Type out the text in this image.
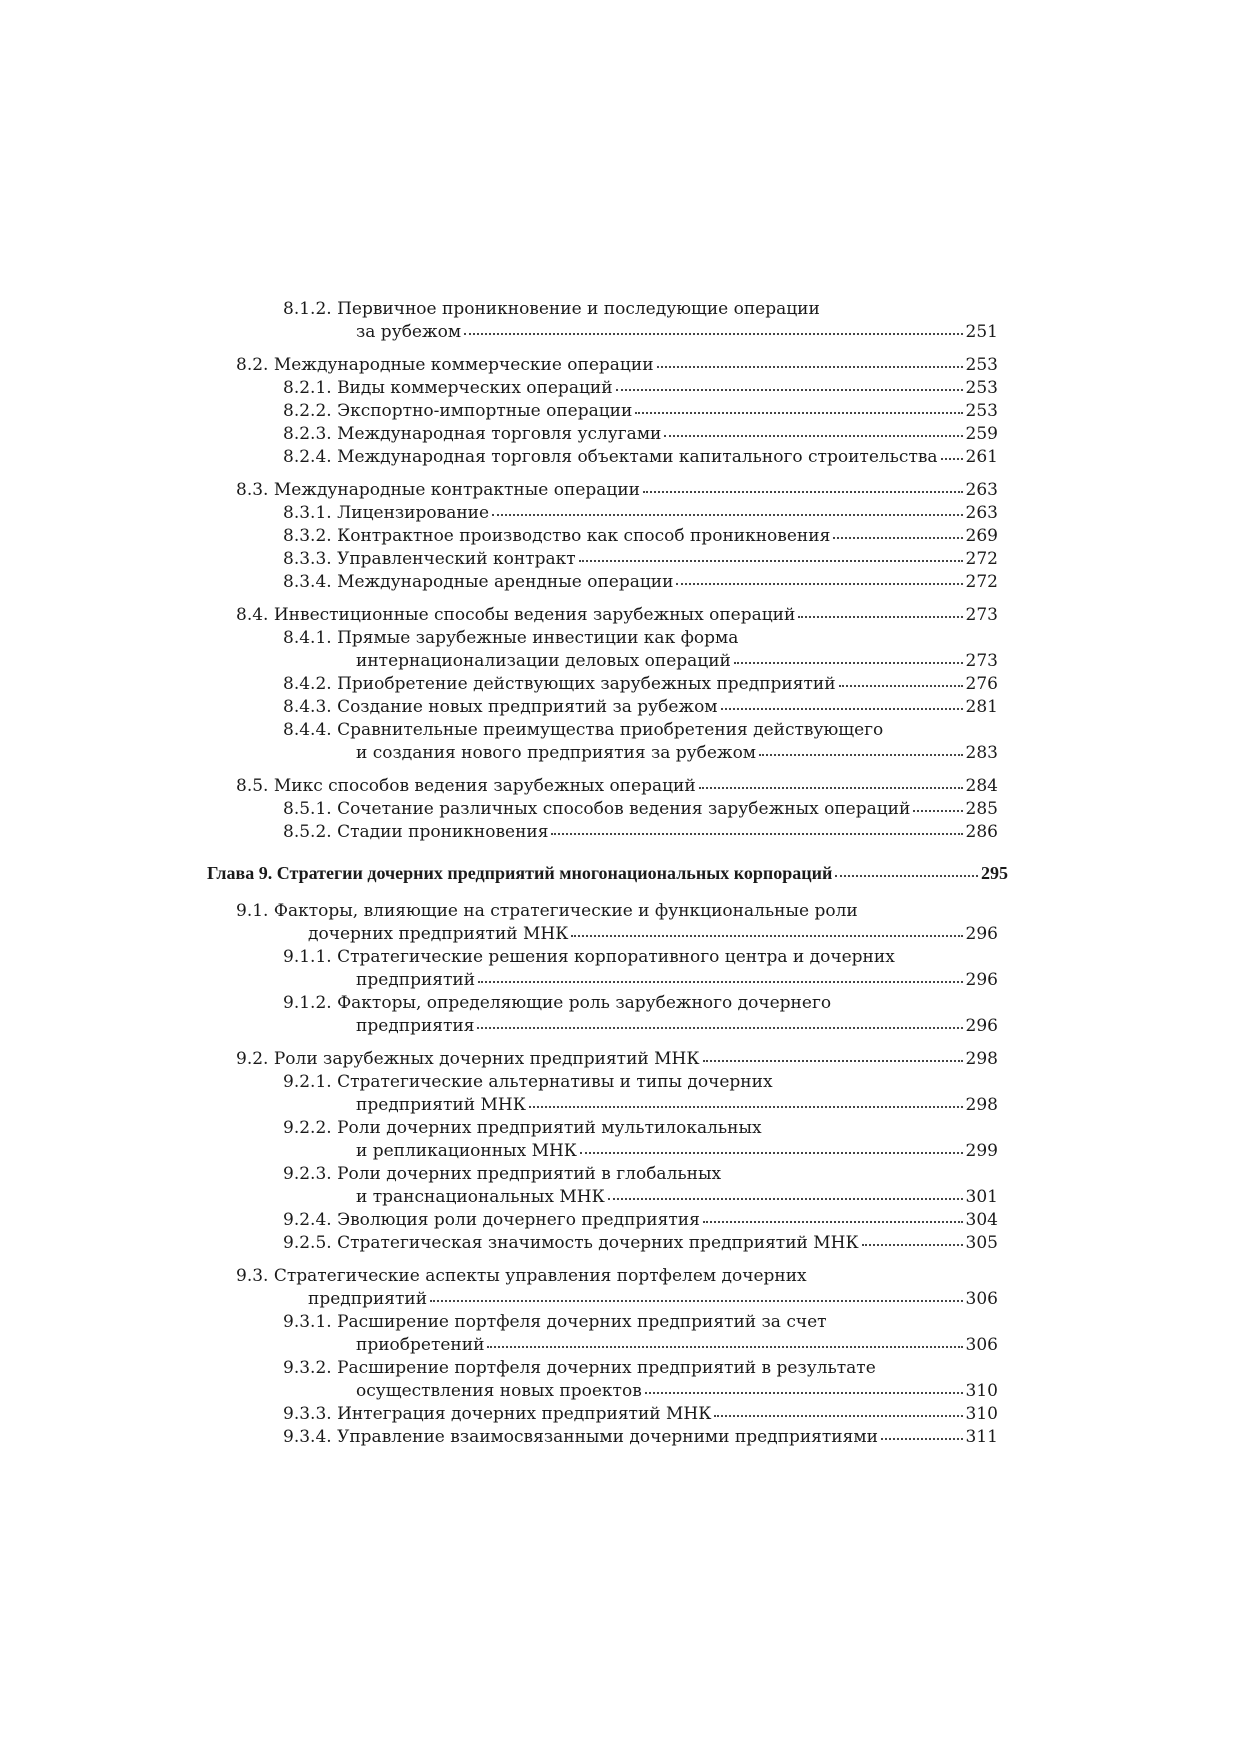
8.1.2. Первичное проникновение и последующие операции
за рубежом	251
8.2. Международные коммерческие операции	253
8.2.1. Виды коммерческих операций	253
8.2.2. Экспортно-импортные операции	253
8.2.3. Международная торговля услугами	259
8.2.4. Международная торговля объектами капитального строительства 261
8.3. Международные контрактные операции	263
8.3.1. Лицензирование	263
8.3.2. Контрактное производство как способ проникновения	269
8.3.3. Управленческий контракт	272
8.3.4. Международные арендные операции	272
8.4. Инвестиционные способы ведения зарубежных операций	273
8.4.1. Прямые зарубежные инвестиции как форма
интернационализации деловых операций	273
8.4.2. Приобретение действующих зарубежных предприятий	276
8.4.3. Создание новых предприятий за рубежом	281
8.4.4. Сравнительные преимущества приобретения действующего
и создания нового предприятия за рубежом	283
8.5. Микс способов ведения зарубежных операций	284
8.5.1. Сочетание различных способов ведения зарубежных операций	285
8.5.2. Стадии проникновения	286
Глава 9. Стратегии дочерних предприятий многонациональных корпораций	295
9.1. Факторы, влияющие на стратегические и функциональные роли
дочерних предприятий МНК	296
9.1.1. Стратегические решения корпоративного центра и дочерних
предприятий	296
9.1.2. Факторы, определяющие роль зарубежного дочернего
предприятия	296
9.2. Роли зарубежных дочерних предприятий МНК	298
9.2.1. Стратегические альтернативы и типы дочерних
предприятий МНК	298
9.2.2. Роли дочерних предприятий мультилокальных
и репликационных МНК	299
9.2.3. Роли дочерних предприятий в глобальных
и транснациональных МНК	301
9.2.4. Эволюция роли дочернего предприятия	304
9.2.5. Стратегическая значимость дочерних предприятий МНК	305
9.3. Стратегические аспекты управления портфелем дочерних
предприятий	306
9.3.1. Расширение портфеля дочерних предприятий за счет
приобретений	306
9.3.2. Расширение портфеля дочерних предприятий в результате
осуществления новых проектов	310
9.3.3. Интеграция дочерних предприятий МНК	310
9.3.4. Управление взаимосвязанными дочерними предприятиями	311
